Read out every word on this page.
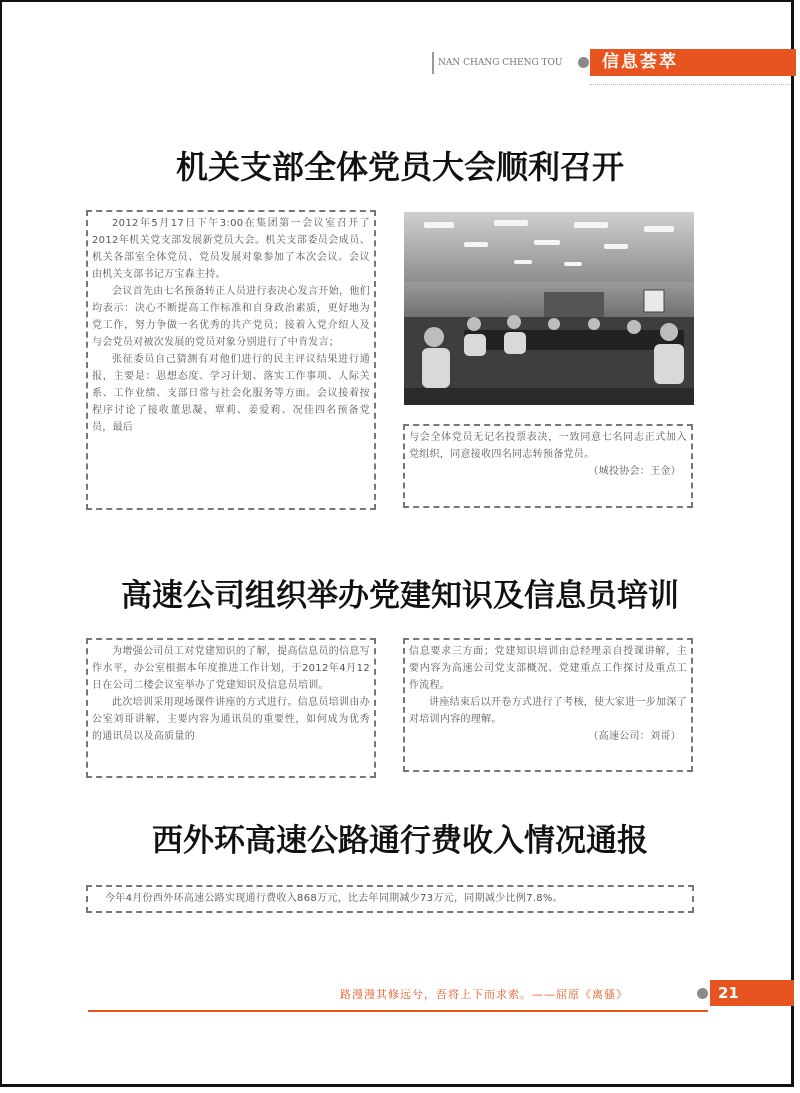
NAN CHANG CHENG TOU	信息荟萃
机关支部全体党员大会顺利召开

2012年5月17日下午3:00在集团第一会议室召开了2012年机关党支部发展新党员大会。机关支部委员会成员、机关各部室全体党员、党员发展对象参加了本次会议。会议由机关支部书记万宝森主持。

会议首先由七名预备转正人员进行表决心发言开始，他们均表示：决心不断提高工作标准和自身政治素质，更好地为党工作，努力争做一名优秀的共产党员；接着入党介绍人及与会党员对被次发展的党员对象分别进行了中肯发言；

张征委员自己猜测有对他们进行的民主评议结果进行通报，主要是：思想态度、学习计划、落实工作事项、人际关系、工作业绩、支部日常与社会化服务等方面。会议接着按程序讨论了接收董思凝、覃莉、姜爱莉、况佳四名预备党员，最后

与会全体党员无记名投票表决，一致同意七名同志正式加入党组织，同意接收四名同志转预备党员。

（城投协会：王金）

高速公司组织举办党建知识及信息员培训

为增强公司员工对党建知识的了解，提高信息员的信息写作水平，办公室根据本年度推进工作计划，于2012年4月12日在公司二楼会议室举办了党建知识及信息员培训。

此次培训采用现场课件讲座的方式进行。信息员培训由办公室刘哥讲解，主要内容为通讯员的重要性，如何成为优秀的通讯员以及高质量的

信息要求三方面；党建知识培训由总经理亲自授课讲解，主要内容为高速公司党支部概况、党建重点工作探讨及重点工作流程。

讲座结束后以开卷方式进行了考核，使大家进一步加深了对培训内容的理解。

（高速公司：刘哥）

西外环高速公路通行费收入情况通报

今年4月份西外环高速公路实现通行费收入868万元，比去年同期减少73万元，同期减少比例7.8%。

路漫漫其修远兮，吾将上下而求索。——屈原《离骚》	21
